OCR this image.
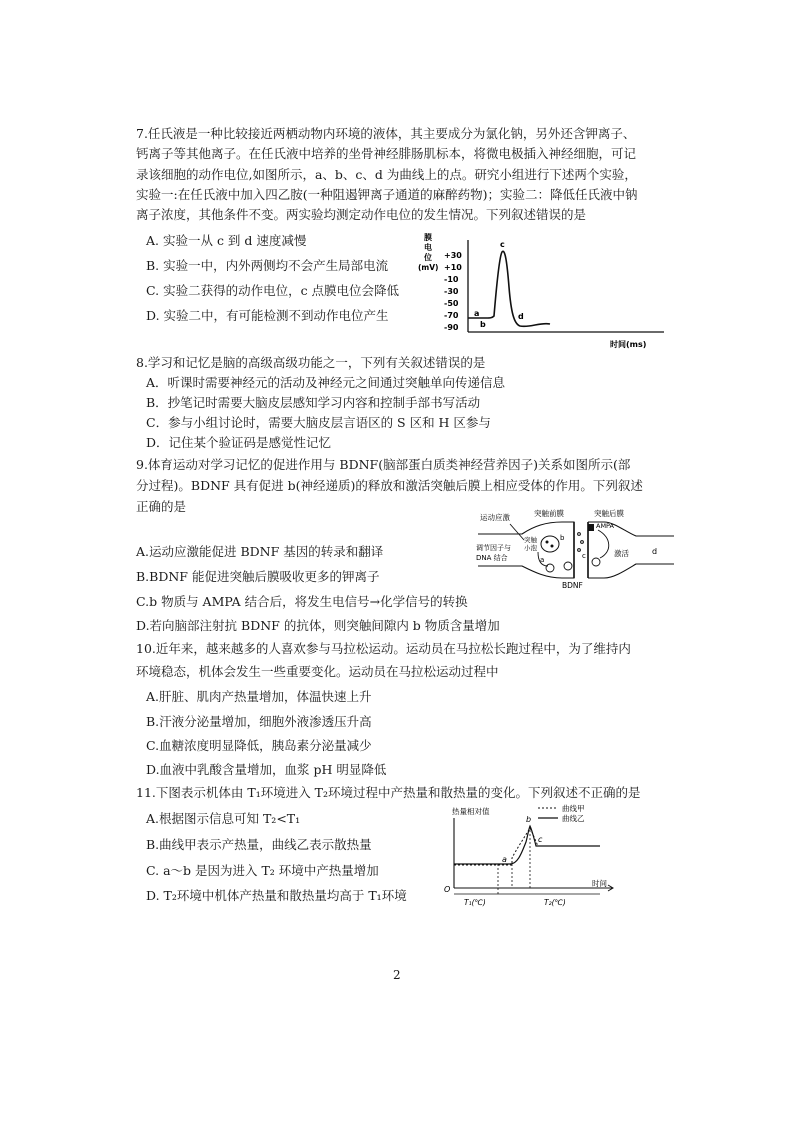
7.任氏液是一种比较接近两栖动物内环境的液体，其主要成分为氯化钠，另外还含钾离子、
钙离子等其他离子。在任氏液中培养的坐骨神经腓肠肌标本，将微电极插入神经细胞，可记
录该细胞的动作电位,如图所示，a、b、c、d 为曲线上的点。研究小组进行下述两个实验，
实验一:在任氏液中加入四乙胺(一种阻遏钾离子通道的麻醉药物)；实验二：降低任氏液中钠
离子浓度，其他条件不变。两实验均测定动作电位的发生情况。下列叙述错误的是
A. 实验一从 c 到 d 速度减慢
B. 实验一中，内外两侧均不会产生局部电流
C. 实验二获得的动作电位，c 点膜电位会降低
D. 实验二中，有可能检测不到动作电位产生
膜
电
位
(mV)
+30
+10
-10
-30
-50
-70
-90
a
b
c
d
时间(ms)
8.学习和记忆是脑的高级高级功能之一，下列有关叙述错误的是
A．听课时需要神经元的活动及神经元之间通过突触单向传递信息
B．抄笔记时需要大脑皮层感知学习内容和控制手部书写活动
C．参与小组讨论时，需要大脑皮层言语区的 S 区和 H 区参与
D．记住某个验证码是感觉性记忆
9.体育运动对学习记忆的促进作用与 BDNF(脑部蛋白质类神经营养因子)关系如图所示(部
分过程)。BDNF 具有促进 b(神经递质)的释放和激活突触后膜上相应受体的作用。下列叙述
正确的是
A.运动应激能促进 BDNF 基因的转录和翻译
B.BDNF 能促进突触后膜吸收更多的钾离子
C.b 物质与 AMPA 结合后，将发生电信号→化学信号的转换
D.若向脑部注射抗 BDNF 的抗体，则突触间隙内 b 物质含量增加
运动应激	突触前膜	突触后膜
AMPA
突触
小泡
调节因子与
DNA 结合	激活
BDNF
a
b
c	d
10.近年来，越来越多的人喜欢参与马拉松运动。运动员在马拉松长跑过程中，为了维持内
环境稳态，机体会发生一些重要变化。运动员在马拉松运动过程中
A.肝脏、肌肉产热量增加，体温快速上升
B.汗液分泌量增加，细胞外液渗透压升高
C.血糖浓度明显降低，胰岛素分泌量减少
D.血液中乳酸含量增加，血浆 pH 明显降低
11.下图表示机体由 T₁环境进入 T₂环境过程中产热量和散热量的变化。下列叙述不正确的是
A.根据图示信息可知 T₂<T₁
B.曲线甲表示产热量，曲线乙表示散热量
C. a～b 是因为进入 T₂ 环境中产热量增加
D. T₂环境中机体产热量和散热量均高于 T₁环境
热量相对值	曲线甲
曲线乙
a
b
c
O
T₁(℃)	T₂(℃)
时间
2
